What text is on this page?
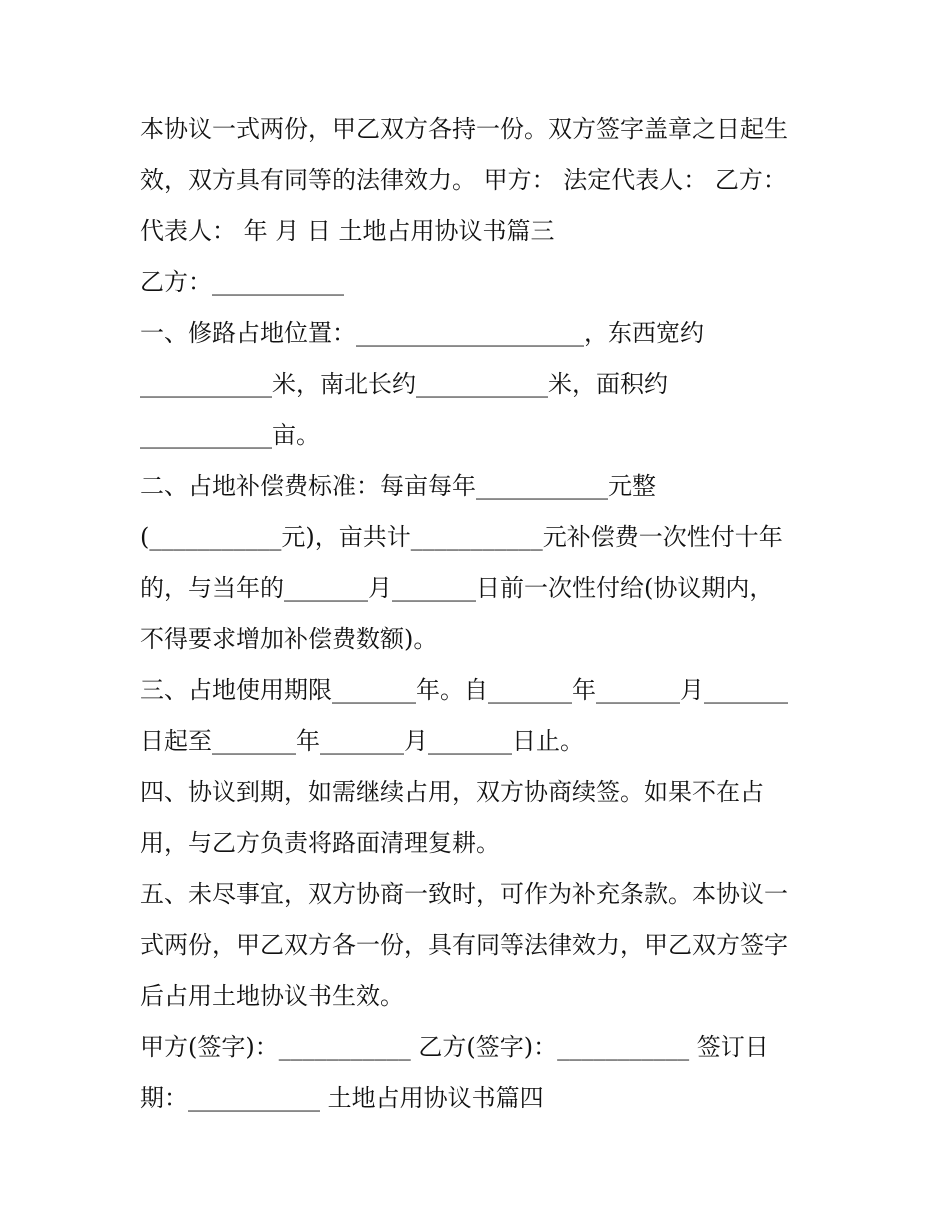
本协议一式两份，甲乙双方各持一份。双方签字盖章之日起生
效，双方具有同等的法律效力。 甲方： 法定代表人： 乙方：
代表人： 年 月 日 土地占用协议书篇三
乙方：___________
一、修路占地位置：___________________，东西宽约
___________米，南北长约___________米，面积约
___________亩。
二、占地补偿费标准：每亩每年___________元整
(___________元)，亩共计___________元补偿费一次性付十年
的，与当年的_______月_______日前一次性付给(协议期内，
不得要求增加补偿费数额)。
三、占地使用期限_______年。自_______年_______月_______
日起至_______年_______月_______日止。
四、协议到期，如需继续占用，双方协商续签。如果不在占
用，与乙方负责将路面清理复耕。
五、未尽事宜，双方协商一致时，可作为补充条款。本协议一
式两份，甲乙双方各一份，具有同等法律效力，甲乙双方签字
后占用土地协议书生效。
甲方(签字)：___________ 乙方(签字)：___________ 签订日
期：___________ 土地占用协议书篇四
